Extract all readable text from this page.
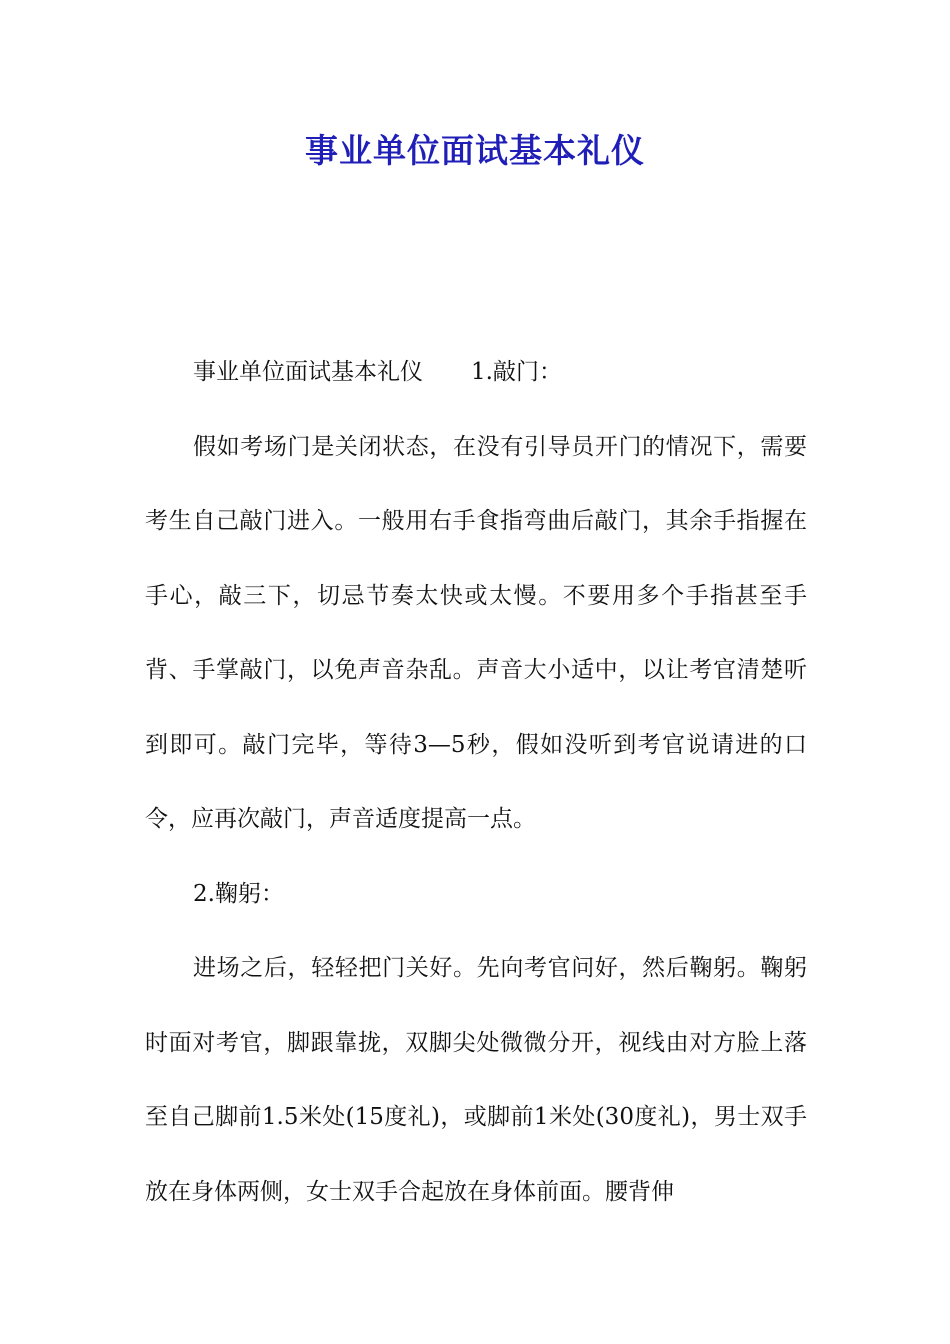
事业单位面试基本礼仪

事业单位面试基本礼仪 1.敲门：

假如考场门是关闭状态，在没有引导员开门的情况下，需要考生自己敲门进入。一般用右手食指弯曲后敲门，其余手指握在手心，敲三下，切忌节奏太快或太慢。不要用多个手指甚至手背、手掌敲门，以免声音杂乱。声音大小适中，以让考官清楚听到即可。敲门完毕，等待3—5秒，假如没听到考官说请进的口令，应再次敲门，声音适度提高一点。

2.鞠躬：

进场之后，轻轻把门关好。先向考官问好，然后鞠躬。鞠躬时面对考官，脚跟靠拢，双脚尖处微微分开，视线由对方脸上落至自己脚前1.5米处(15度礼)，或脚前1米处(30度礼)，男士双手放在身体两侧，女士双手合起放在身体前面。腰背伸
